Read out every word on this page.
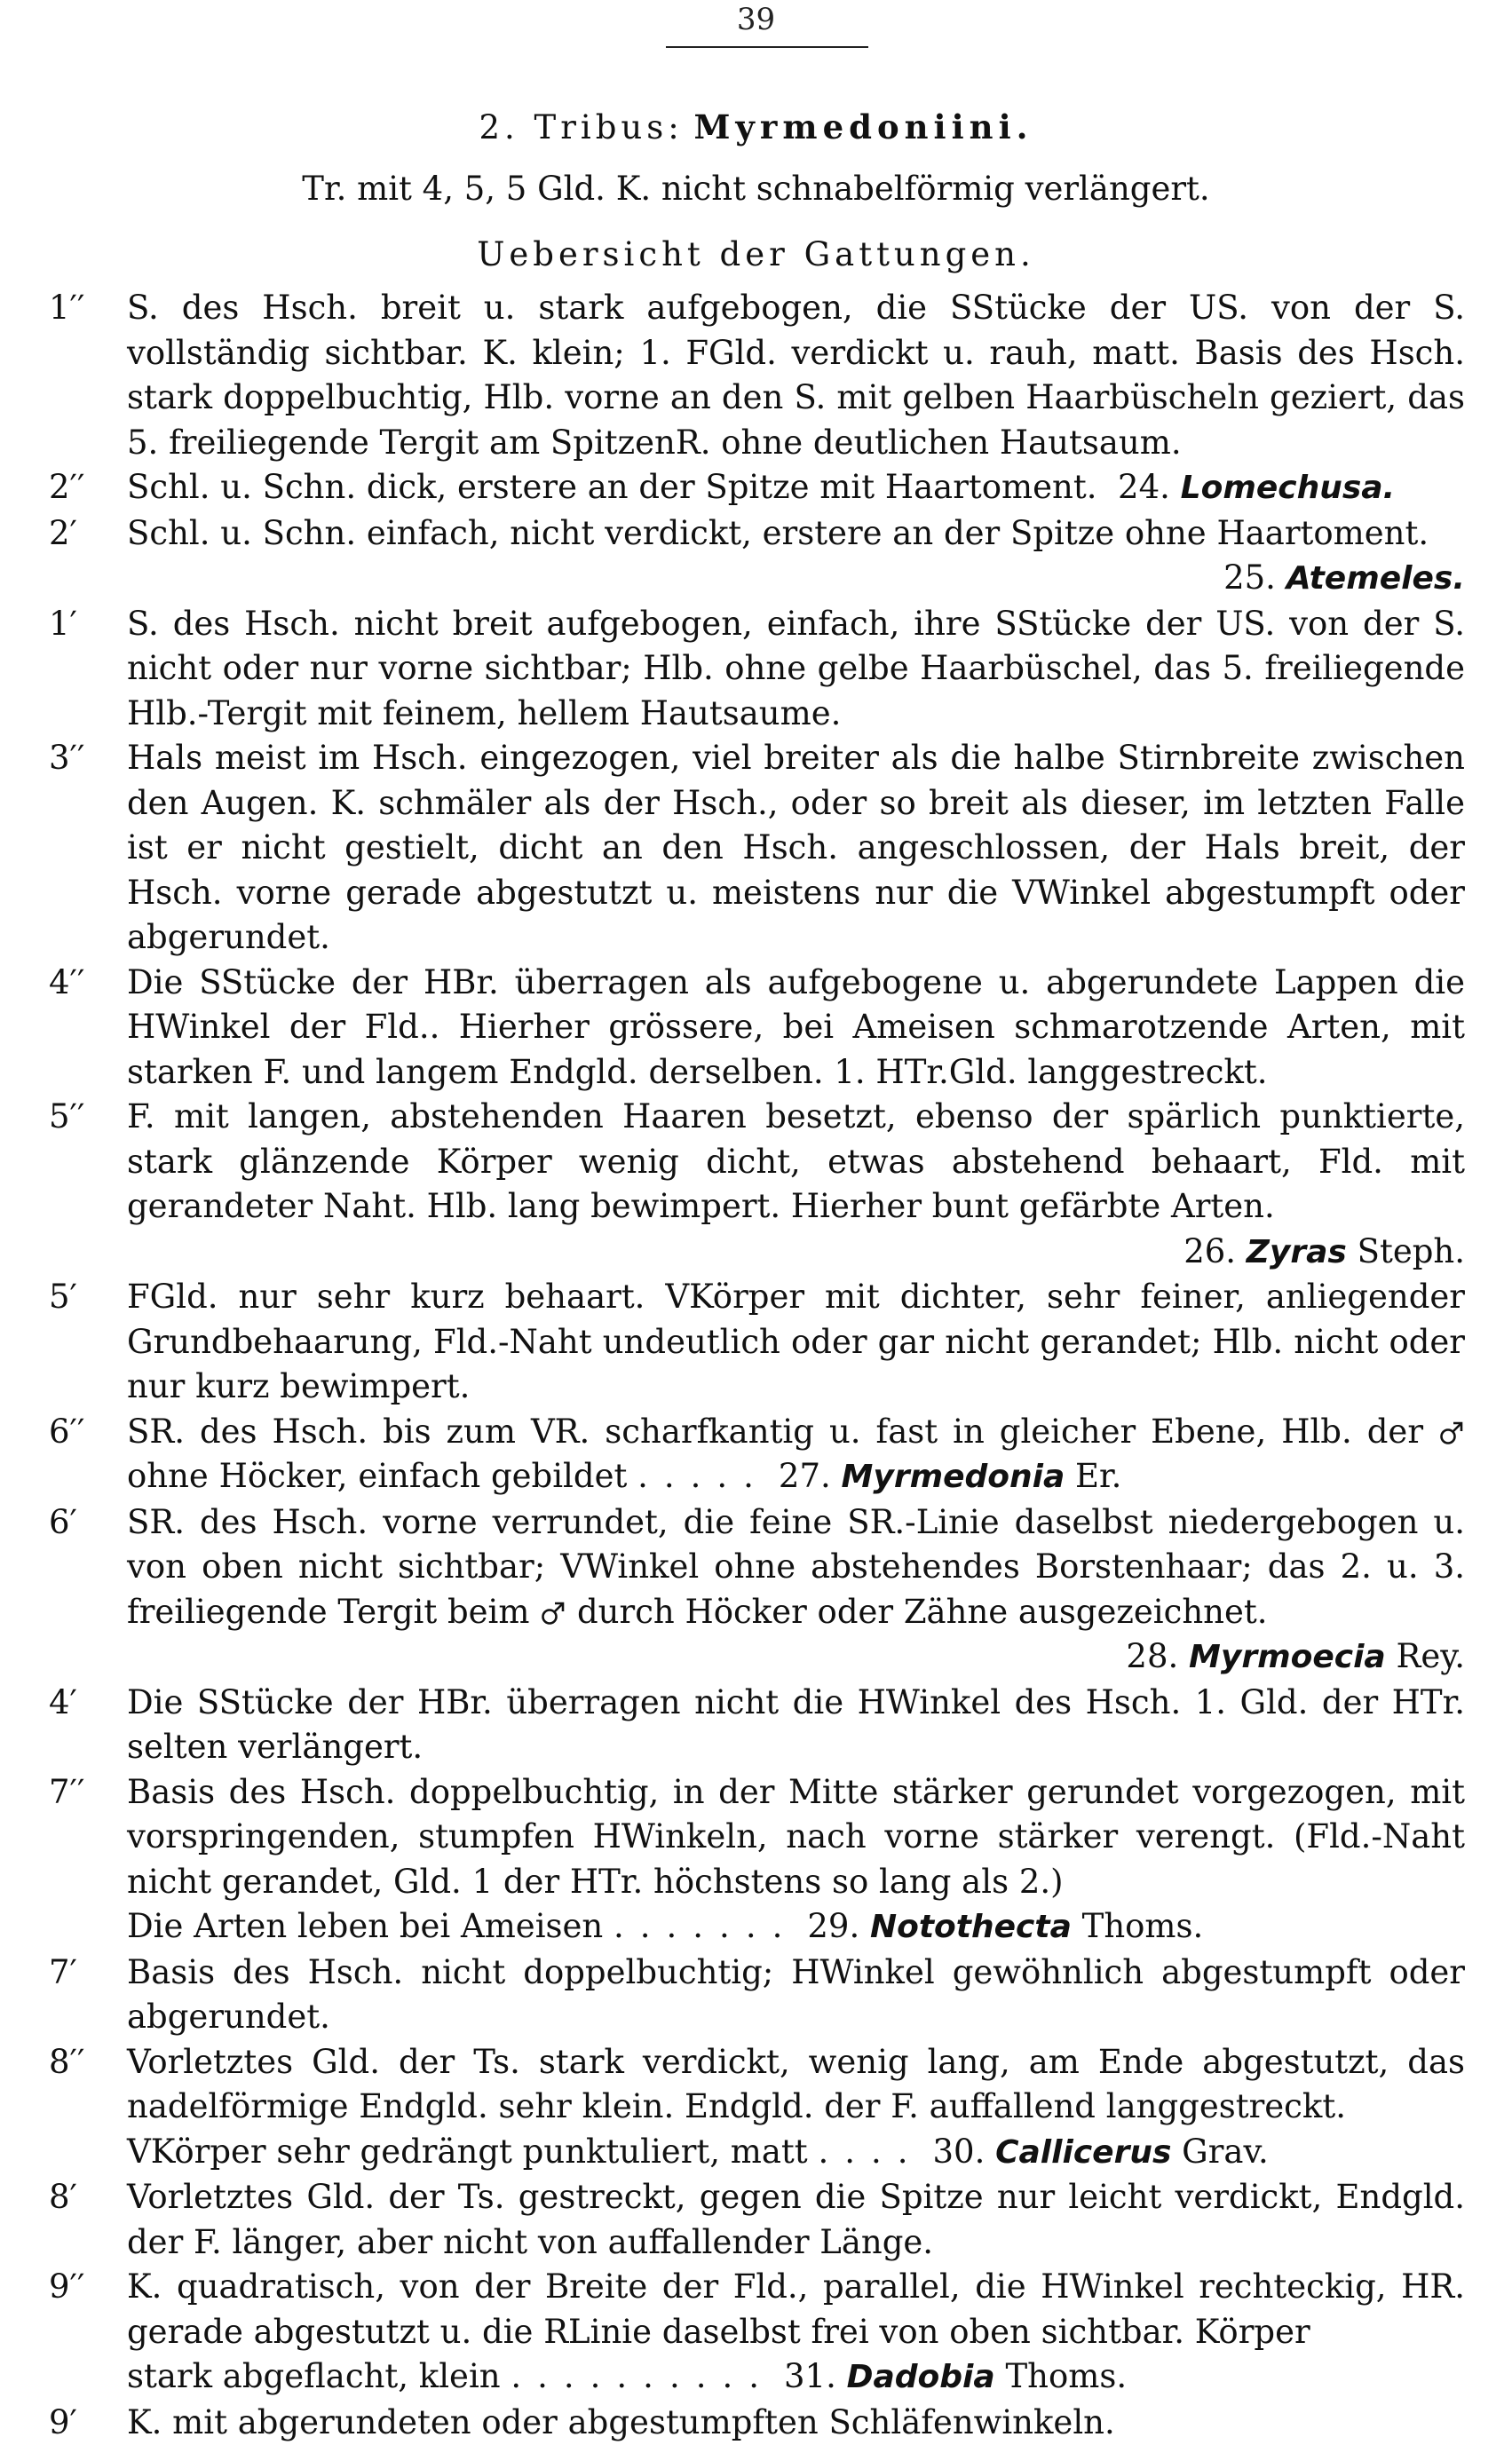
39
2. Tribus: Myrmedoniini.
Tr. mit 4, 5, 5 Gld. K. nicht schnabelförmig verlängert.
Uebersicht der Gattungen.
1′′	S. des Hsch. breit u. stark aufgebogen, die SStücke der US. von der S. vollständig sichtbar. K. klein; 1. FGld. verdickt u. rauh, matt. Basis des Hsch. stark doppelbuchtig, Hlb. vorne an den S. mit gelben Haarbüscheln geziert, das 5. freiliegende Tergit am SpitzenR. ohne deutlichen Hautsaum.

2′′	Schl. u. Schn. dick, erstere an der Spitze mit Haartoment. 24. Lomechusa.

2′	Schl. u. Schn. einfach, nicht verdickt, erstere an der Spitze ohne Haartoment.

25. Atemeles.
1′	S. des Hsch. nicht breit aufgebogen, einfach, ihre SStücke der US. von der S. nicht oder nur vorne sichtbar; Hlb. ohne gelbe Haarbüschel, das 5. freiliegende Hlb.-Tergit mit feinem, hellem Hautsaume.

3′′	Hals meist im Hsch. eingezogen, viel breiter als die halbe Stirnbreite zwischen den Augen. K. schmäler als der Hsch., oder so breit als dieser, im letzten Falle ist er nicht gestielt, dicht an den Hsch. angeschlossen, der Hals breit, der Hsch. vorne gerade abgestutzt u. meistens nur die VWinkel abgestumpft oder abgerundet.

4′′	Die SStücke der HBr. überragen als aufgebogene u. abgerundete Lappen die HWinkel der Fld.. Hierher grössere, bei Ameisen schmarotzende Arten, mit starken F. und langem Endgld. derselben. 1. HTr.Gld. langgestreckt.

5′′	F. mit langen, abstehenden Haaren besetzt, ebenso der spärlich punktierte, stark glänzende Körper wenig dicht, etwas abstehend behaart, Fld. mit gerandeter Naht. Hlb. lang bewimpert. Hierher bunt gefärbte Arten.

26. Zyras Steph.
5′	FGld. nur sehr kurz behaart. VKörper mit dichter, sehr feiner, anliegender Grundbehaarung, Fld.-Naht undeutlich oder gar nicht gerandet; Hlb. nicht oder nur kurz bewimpert.

6′′	SR. des Hsch. bis zum VR. scharfkantig u. fast in gleicher Ebene, Hlb. der  ohne Höcker, einfach gebildet ..... 27. Myrmedonia Er.

6′	SR. des Hsch. vorne verrundet, die feine SR.-Linie daselbst niedergebogen u. von oben nicht sichtbar; VWinkel ohne abstehendes Borstenhaar; das 2. u. 3. freiliegende Tergit beim durch Höcker oder Zähne ausgezeichnet.

28. Myrmoecia Rey.
4′	Die SStücke der HBr. überragen nicht die HWinkel des Hsch. 1. Gld. der HTr. selten verlängert.

7′′	Basis des Hsch. doppelbuchtig, in der Mitte stärker gerundet vorgezogen, mit vorspringenden, stumpfen HWinkeln, nach vorne stärker verengt. (Fld.-Naht nicht gerandet, Gld. 1 der HTr. höchstens so lang als 2.)

Die Arten leben bei Ameisen ....... 29. Notothecta Thoms.

7′	Basis des Hsch. nicht doppelbuchtig; HWinkel gewöhnlich abgestumpft oder abgerundet.

8′′	Vorletztes Gld. der Ts. stark verdickt, wenig lang, am Ende abgestutzt, das nadelförmige Endgld. sehr klein. Endgld. der F. auffallend langgestreckt.

VKörper sehr gedrängt punktuliert, matt .... 30. Callicerus Grav.

8′	Vorletztes Gld. der Ts. gestreckt, gegen die Spitze nur leicht verdickt, Endgld. der F. länger, aber nicht von auffallender Länge.

9′′	K. quadratisch, von der Breite der Fld., parallel, die HWinkel rechteckig, HR. gerade abgestutzt u. die RLinie daselbst frei von oben sichtbar. Körper

stark abgeflacht, klein .......... 31. Dadobia Thoms.

9′	K. mit abgerundeten oder abgestumpften Schläfenwinkeln.
